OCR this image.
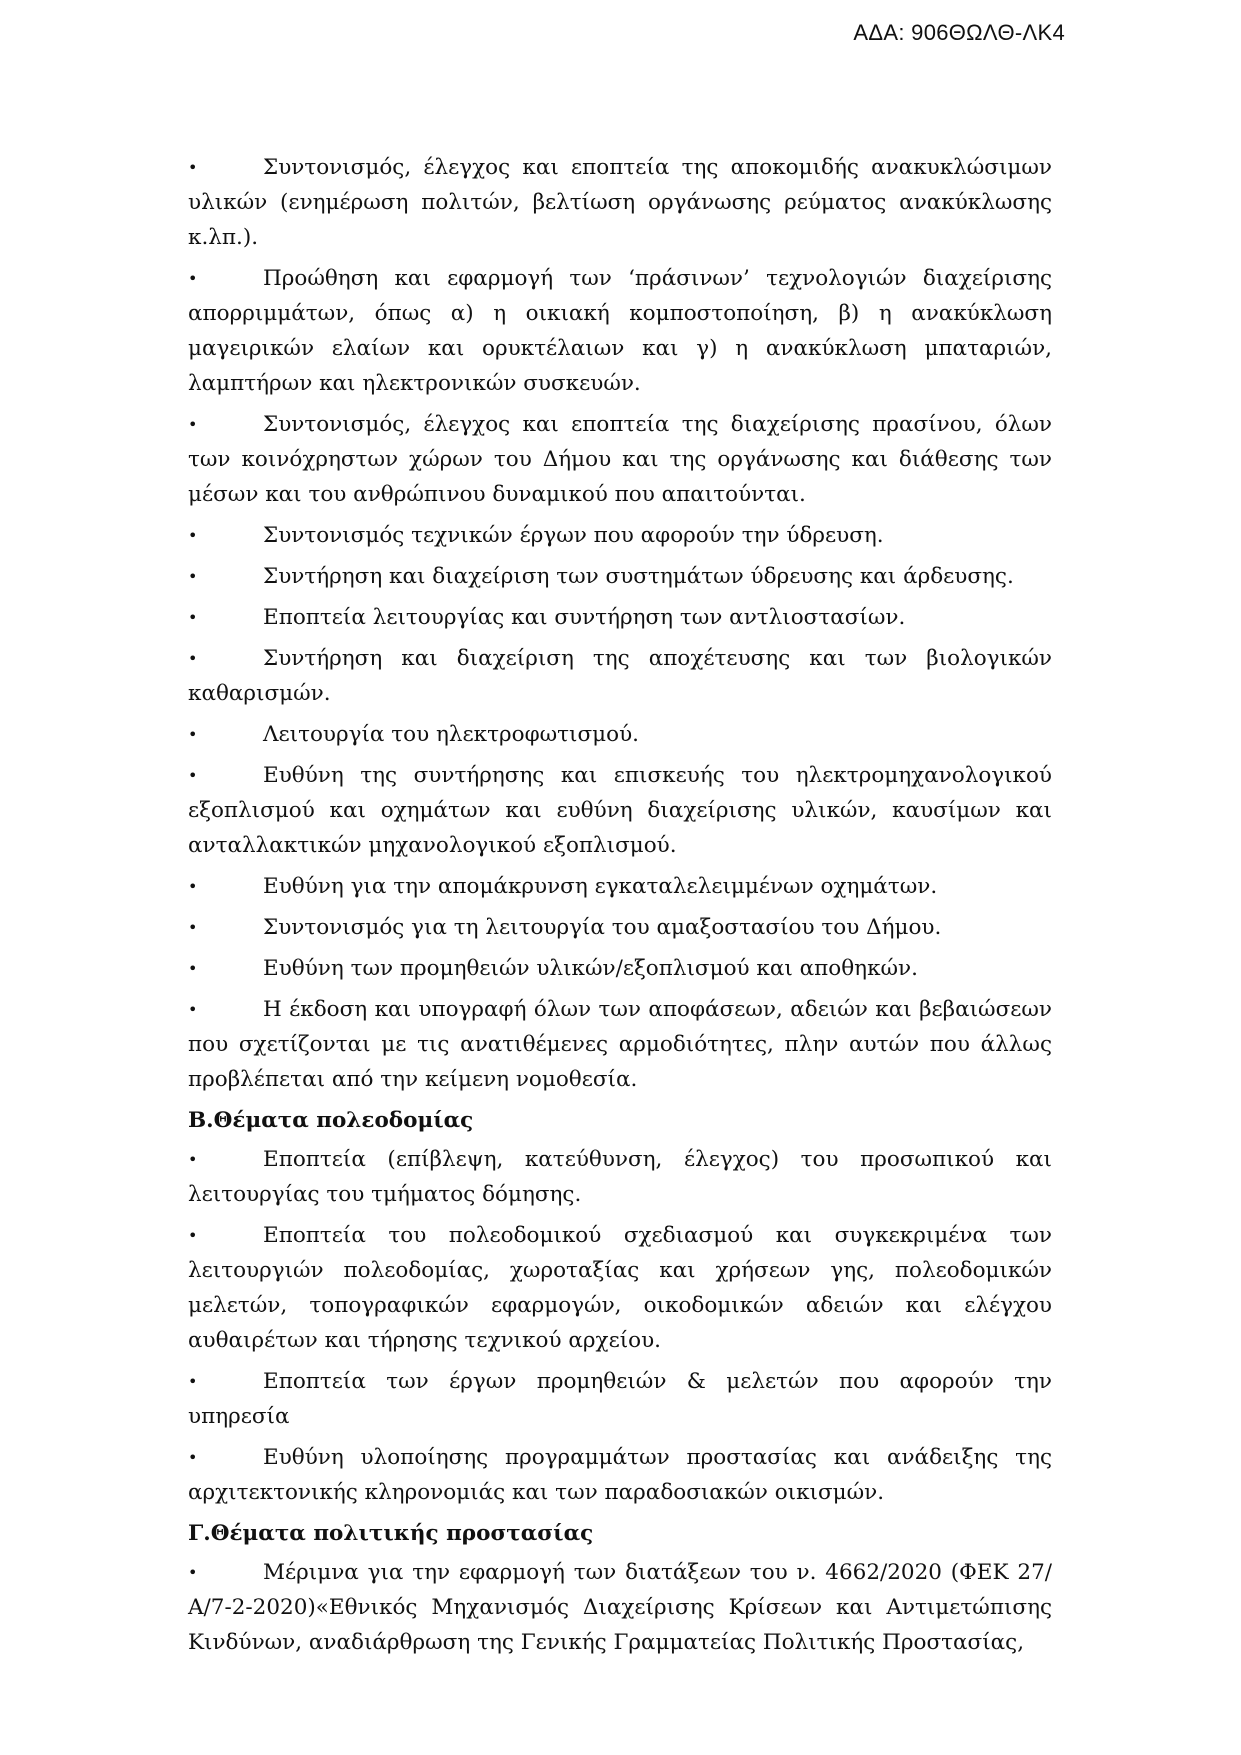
ΑΔΑ: 906ΘΩΛΘ-ΛΚ4
•	Συντονισμός, έλεγχος και εποπτεία της αποκομιδής ανακυκλώσιμων υλικών (ενημέρωση πολιτών, βελτίωση οργάνωσης ρεύματος ανακύκλωσης κ.λπ.).
•	Προώθηση και εφαρμογή των ‘πράσινων’ τεχνολογιών διαχείρισης απορριμμάτων, όπως α) η οικιακή κομποστοποίηση, β) η ανακύκλωση μαγειρικών ελαίων και ορυκτέλαιων και γ) η ανακύκλωση μπαταριών, λαμπτήρων και ηλεκτρονικών συσκευών.
•	Συντονισμός, έλεγχος και εποπτεία της διαχείρισης πρασίνου, όλων των κοινόχρηστων χώρων του Δήμου και της οργάνωσης και διάθεσης των μέσων και του ανθρώπινου δυναμικού που απαιτούνται.
•	Συντονισμός τεχνικών έργων που αφορούν την ύδρευση.
•	Συντήρηση και διαχείριση των συστημάτων ύδρευσης και άρδευσης.
•	Εποπτεία λειτουργίας και συντήρηση των αντλιοστασίων.
•	Συντήρηση και διαχείριση της αποχέτευσης και των βιολογικών καθαρισμών.
•	Λειτουργία του ηλεκτροφωτισμού.
•	Ευθύνη της συντήρησης και επισκευής του ηλεκτρομηχανολογικού εξοπλισμού και οχημάτων και ευθύνη διαχείρισης υλικών, καυσίμων και ανταλλακτικών μηχανολογικού εξοπλισμού.
•	Ευθύνη για την απομάκρυνση εγκαταλελειμμένων οχημάτων.
•	Συντονισμός για τη λειτουργία του αμαξοστασίου του Δήμου.
•	Ευθύνη των προμηθειών υλικών/εξοπλισμού και αποθηκών.
•	Η έκδοση και υπογραφή όλων των αποφάσεων, αδειών και βεβαιώσεων που σχετίζονται με τις ανατιθέμενες αρμοδιότητες, πλην αυτών που άλλως προβλέπεται από την κείμενη νομοθεσία.
Β.Θέματα πολεοδομίας
•	Εποπτεία (επίβλεψη, κατεύθυνση, έλεγχος) του προσωπικού και λειτουργίας του τμήματος δόμησης.
•	Εποπτεία του πολεοδομικού σχεδιασμού και συγκεκριμένα των λειτουργιών πολεοδομίας, χωροταξίας και χρήσεων γης, πολεοδομικών μελετών, τοπογραφικών εφαρμογών, οικοδομικών αδειών και ελέγχου αυθαιρέτων και τήρησης τεχνικού αρχείου.
•	Εποπτεία των έργων προμηθειών & μελετών που αφορούν την υπηρεσία
•	Ευθύνη υλοποίησης προγραμμάτων προστασίας και ανάδειξης της αρχιτεκτονικής κληρονομιάς και των παραδοσιακών οικισμών.
Γ.Θέματα πολιτικής προστασίας
•	Μέριμνα για την εφαρμογή των διατάξεων του ν. 4662/2020 (ΦΕΚ 27/Α/7-2-2020)«Εθνικός Μηχανισμός Διαχείρισης Κρίσεων και Αντιμετώπισης Κινδύνων, αναδιάρθρωση της Γενικής Γραμματείας Πολιτικής Προστασίας,
